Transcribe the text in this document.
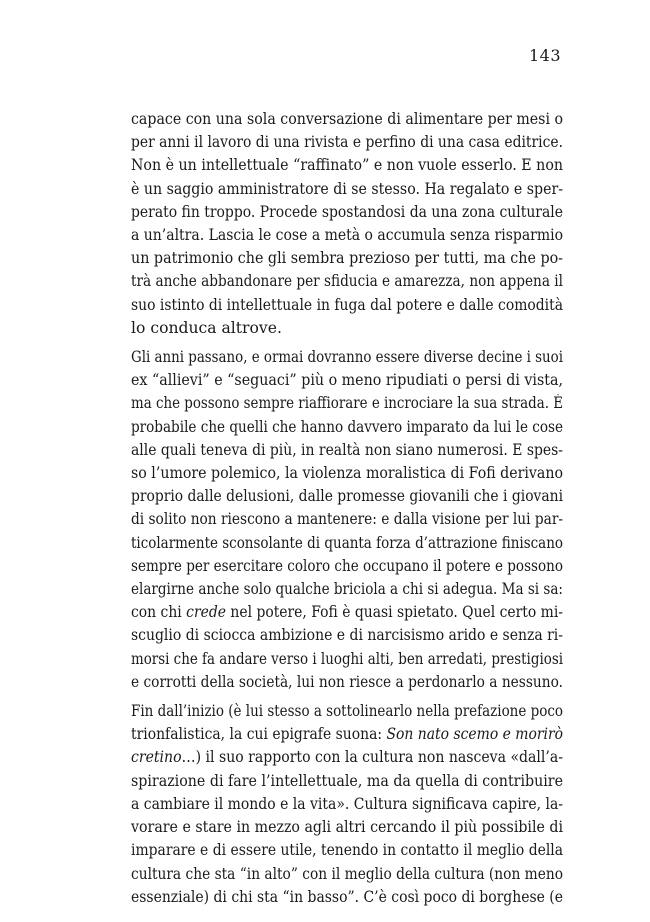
143

capace con una sola conversazione di alimentare per mesi o
per anni il lavoro di una rivista e perfino di una casa editrice.
Non è un intellettuale “raffinato” e non vuole esserlo. E non
è un saggio amministratore di se stesso. Ha regalato e sper-
perato fin troppo. Procede spostandosi da una zona culturale
a un’altra. Lascia le cose a metà o accumula senza risparmio
un patrimonio che gli sembra prezioso per tutti, ma che po-
trà anche abbandonare per sfiducia e amarezza, non appena il
suo istinto di intellettuale in fuga dal potere e dalle comodità
lo conduca altrove.

Gli anni passano, e ormai dovranno essere diverse decine i suoi
ex “allievi” e “seguaci” più o meno ripudiati o persi di vista,
ma che possono sempre riaffiorare e incrociare la sua strada. È
probabile che quelli che hanno davvero imparato da lui le cose
alle quali teneva di più, in realtà non siano numerosi. E spes-
so l’umore polemico, la violenza moralistica di Fofi derivano
proprio dalle delusioni, dalle promesse giovanili che i giovani
di solito non riescono a mantenere: e dalla visione per lui par-
ticolarmente sconsolante di quanta forza d’attrazione finiscano
sempre per esercitare coloro che occupano il potere e possono
elargirne anche solo qualche briciola a chi si adegua. Ma si sa:
con chi crede nel potere, Fofi è quasi spietato. Quel certo mi-
scuglio di sciocca ambizione e di narcisismo arido e senza ri-
morsi che fa andare verso i luoghi alti, ben arredati, prestigiosi
e corrotti della società, lui non riesce a perdonarlo a nessuno.

Fin dall’inizio (è lui stesso a sottolinearlo nella prefazione poco
trionfalistica, la cui epigrafe suona: Son nato scemo e morirò
cretino…) il suo rapporto con la cultura non nasceva «dall’a-
spirazione di fare l’intellettuale, ma da quella di contribuire
a cambiare il mondo e la vita». Cultura significava capire, la-
vorare e stare in mezzo agli altri cercando il più possibile di
imparare e di essere utile, tenendo in contatto il meglio della
cultura che sta “in alto” con il meglio della cultura (non meno
essenziale) di chi sta “in basso”. C’è così poco di borghese (e
